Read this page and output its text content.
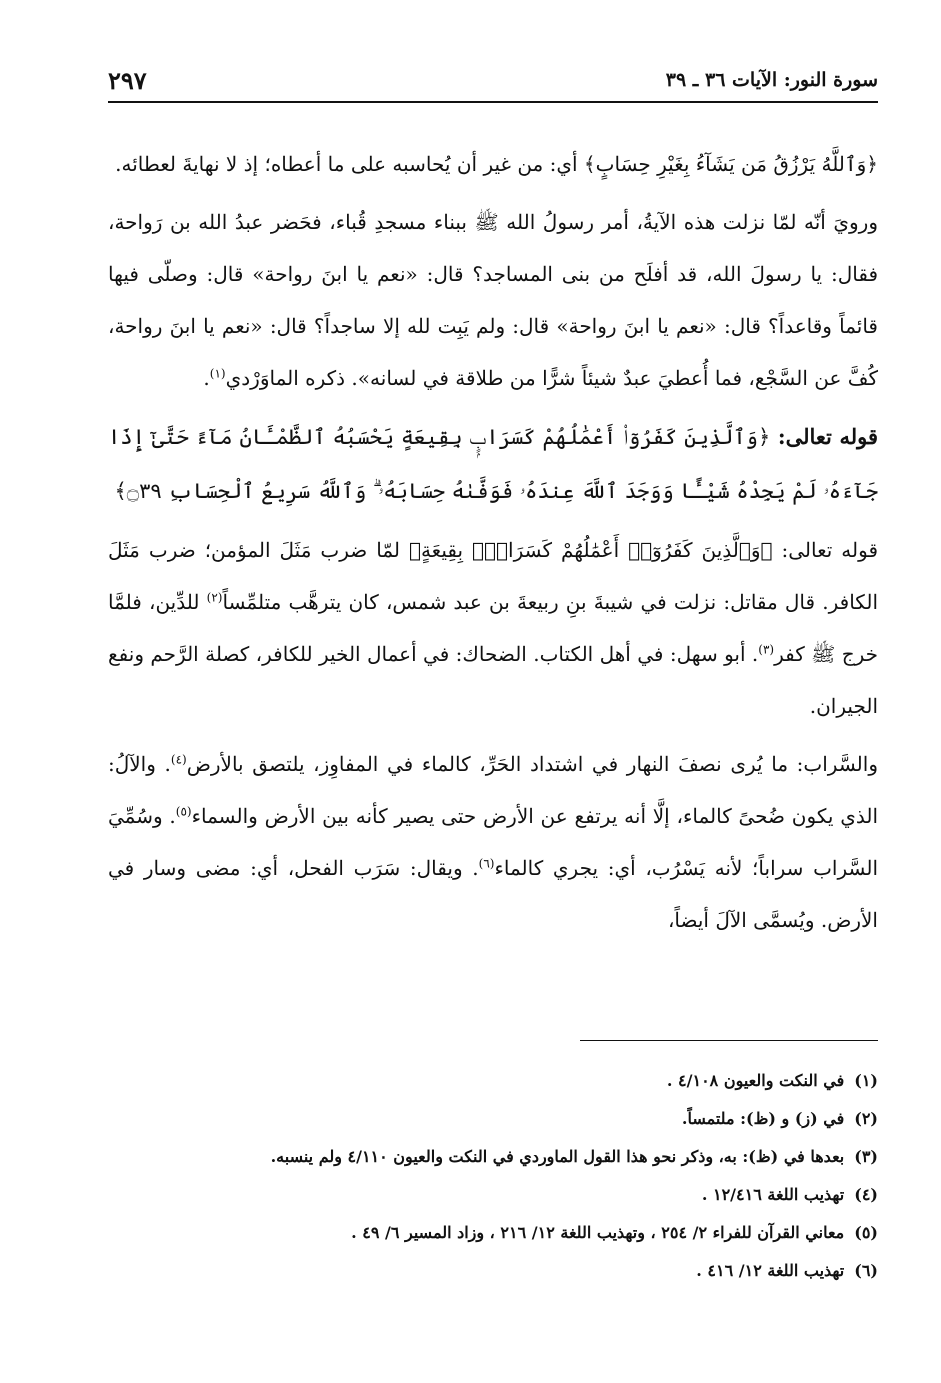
سورة النور: الآيات ٣٦ ـ ٣٩
٢٩٧

﴿وَٱللَّهُ يَرْزُقُ مَن يَشَآءُ بِغَيْرِ حِسَابٍ﴾ أي: من غير أن يُحاسبه على ما أعطاه؛ إذ لا نهايةَ لعطائه.

ورويَ أنّه لمّا نزلت هذه الآيةُ، أمر رسولُ الله ﷺ ببناء مسجدِ قُباء، فحَضر عبدُ الله بن رَواحة، فقال: يا رسولَ الله، قد أفلَح من بنى المساجد؟ قال: «نعم يا ابنَ رواحة» قال: وصلّى فيها قائماً وقاعداً؟ قال: «نعم يا ابنَ رواحة» قال: ولم يَبِت لله إلا ساجداً؟ قال: «نعم يا ابنَ رواحة، كُفَّ عن السَّجْع، فما أُعطيَ عبدٌ شيئاً شرًّا من طلاقة في لسانه». ذكره الماوَرْدي$^{(١)}$.

قوله تعالى: ﴿وَٱلَّذِينَ كَفَرُوٓا۟ أَعْمَٰلُهُمْ كَسَرَابٍۭ بِقِيعَةٍ يَحْسَبُهُ ٱلظَّمْـَٔانُ مَآءً حَتَّىٰٓ إِذَا جَآءَهُۥ لَمْ يَجِدْهُ شَيْـًٔا وَوَجَدَ ٱللَّهَ عِندَهُۥ فَوَفَّىٰهُ حِسَابَهُۥ ۗ وَٱللَّهُ سَرِيعُ ٱلْحِسَابِ ۝٣٩﴾

قوله تعالى: ﴿وَٱلَّذِينَ كَفَرُوٓا۟ أَعْمَٰلُهُمْ كَسَرَابٍۭ بِقِيعَةٍ﴾ لمّا ضرب مَثَلَ المؤمن؛ ضرب مَثَلَ الكافر. قال مقاتل: نزلت في شيبةَ بنِ ربيعةَ بن عبد شمس، كان يترهَّب متلمِّساً$^{(٢)}$ للدِّين، فلمَّا خرج ﷺ كفر$^{(٣)}$. أبو سهل: في أهل الكتاب. الضحاك: في أعمال الخير للكافر، كصلة الرَّحم ونفع الجيران.

والسَّراب: ما يُرى نصفَ النهار في اشتداد الحَرِّ، كالماء في المفاوِز، يلتصق بالأرض$^{(٤)}$. والآلُ: الذي يكون ضُحىً كالماء، إلَّا أنه يرتفع عن الأرض حتى يصير كأنه بين الأرض والسماء$^{(٥)}$. وسُمِّيَ السَّراب سراباً؛ لأنه يَسْرُب، أي: يجري كالماء$^{(٦)}$. ويقال: سَرَب الفحل، أي: مضى وسار في الأرض. ويُسمَّى الآلَ أيضاً،

(١)في النكت والعيون ٤/١٠٨ .
(٢)في (ز) و (ظ): ملتمساً.
(٣)بعدها في (ظ): به، وذكر نحو هذا القول الماوردي في النكت والعيون ٤/١١٠ ولم ينسبه.
(٤)تهذيب اللغة ١٢/٤١٦ .
(٥)معاني القرآن للفراء ٢/ ٢٥٤ ، وتهذيب اللغة ١٢/ ٢١٦ ، وزاد المسير ٦/ ٤٩ .
(٦)تهذيب اللغة ١٢/ ٤١٦ .
